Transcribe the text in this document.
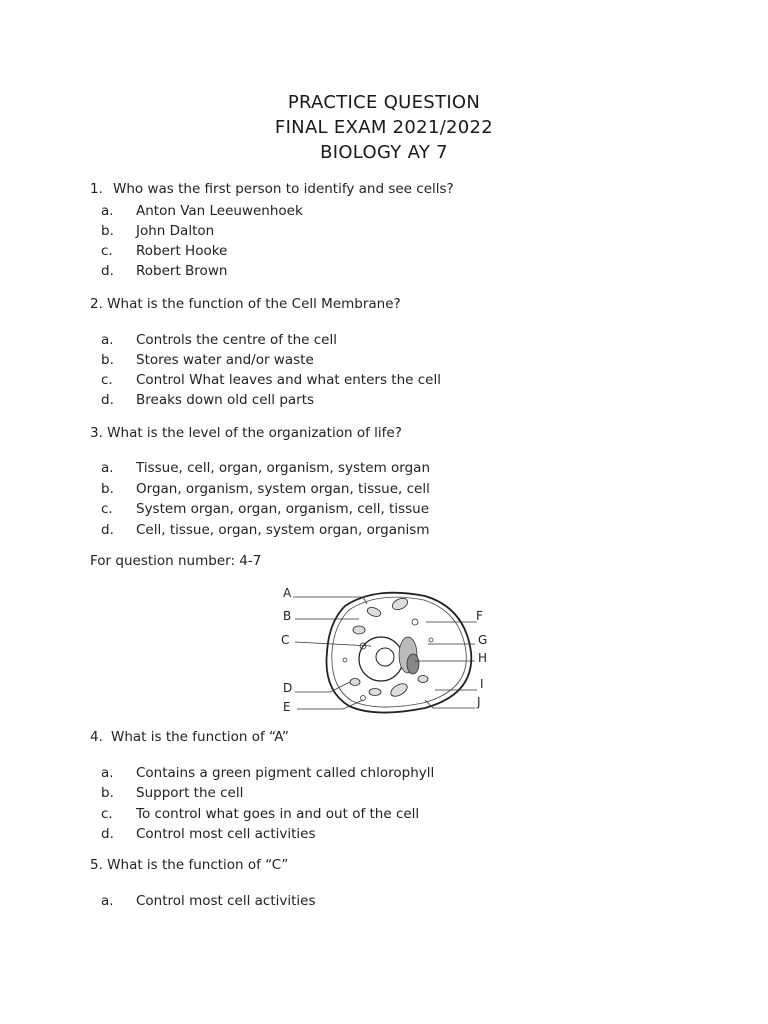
PRACTICE QUESTION
FINAL EXAM 2021/2022
BIOLOGY AY 7
1. Who was the first person to identify and see cells?
a. Anton Van Leeuwenhoek
b. John Dalton
c. Robert Hooke
d. Robert Brown
2. What is the function of the Cell Membrane?
a. Controls the centre of the cell
b. Stores water and/or waste
c. Control What leaves and what enters the cell
d. Breaks down old cell parts
3. What is the level of the organization of life?
a. Tissue, cell, organ, organism, system organ
b. Organ, organism, system organ, tissue, cell
c. System organ, organ, organism, cell, tissue
d. Cell, tissue, organ, system organ, organism
For question number: 4-7
A
B
C
D
E
F
G
H
I
J
4. What is the function of “A”
a. Contains a green pigment called chlorophyll
b. Support the cell
c. To control what goes in and out of the cell
d. Control most cell activities
5. What is the function of “C”
a. Control most cell activities
